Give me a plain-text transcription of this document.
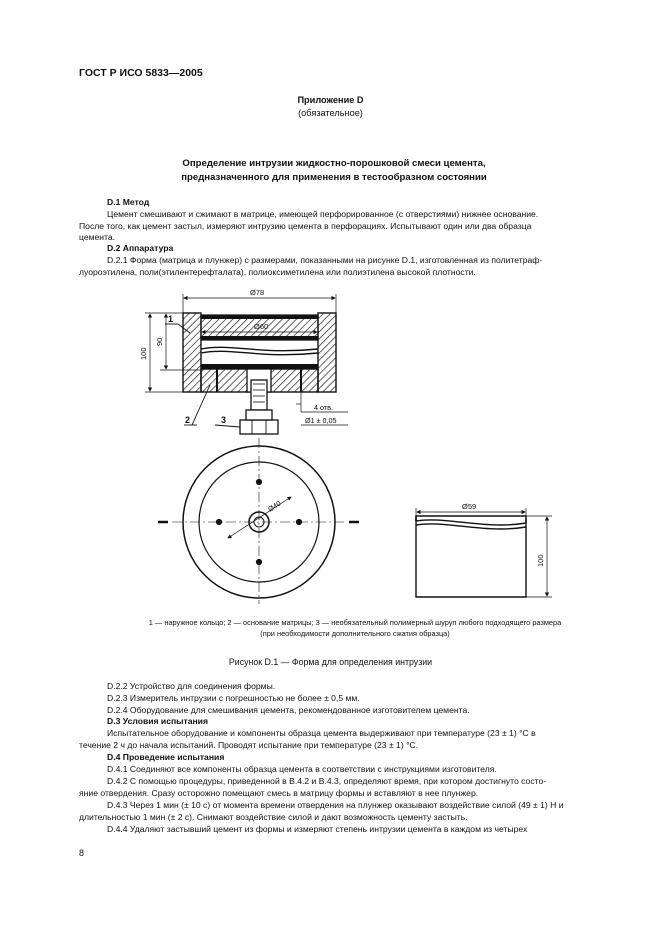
ГОСТ Р ИСО 5833—2005
Приложение D
(обязательное)
Определение интрузии жидкостно-порошковой смеси цемента,
предназначенного для применения в тестообразном состоянии
D.1 Метод
Цемент смешивают и сжимают в матрице, имеющей перфорированное (с отверстиями) нижнее основание.
После того, как цемент застыл, измеряют интрузию цемента в перфорациях. Испытывают один или два образца
цемента.
D.2 Аппаратура
D.2.1 Форма (матрица и плунжер) с размерами, показанными на рисунке D.1, изготовленная из политетраф-
луороэтилена, поли(этилентерефталата), полиоксиметилена или полиэтилена высокой плотности.
Ø78
Ø60
100
90
1
2	3
4 отв.
Ø1 ± 0,05
Ø40	Ø59
100
1 — наружное кольцо; 2 — основание матрицы; 3 — необязательный полимерный шуруп любого подходящего размера
(при необходимости дополнительного сжатия образца)
Рисунок D.1 — Форма для определения интрузии
D.2.2 Устройство для соединения формы.
D.2.3 Измеритель интрузии с погрешностью не более ± 0,5 мм.
D.2.4 Оборудование для смешивания цемента, рекомендованное изготовителем цемента.
D.3 Условия испытания
Испытательное оборудование и компоненты образца цемента выдерживают при температуре (23 ± 1) °С в
течение 2 ч до начала испытаний. Проводят испытание при температуре (23 ± 1) °С.
D.4 Проведение испытания
D.4.1 Соединяют все компоненты образца цемента в соответствии с инструкциями изготовителя.
D.4.2 С помощью процедуры, приведенной в В.4.2 и В.4.3, определяют время, при котором достигнуто состо-
яние отвердения. Сразу осторожно помещают смесь в матрицу формы и вставляют в нее плунжер.
D.4.3 Через 1 мин (± 10 с) от момента времени отвердения на плунжер оказывают воздействие силой (49 ± 1) Н и
длительностью 1 мин (± 2 с). Снимают воздействие силой и дают возможность цементу застыть.
D.4.4 Удаляют застывший цемент из формы и измеряют степень интрузии цемента в каждом из четырех
8
